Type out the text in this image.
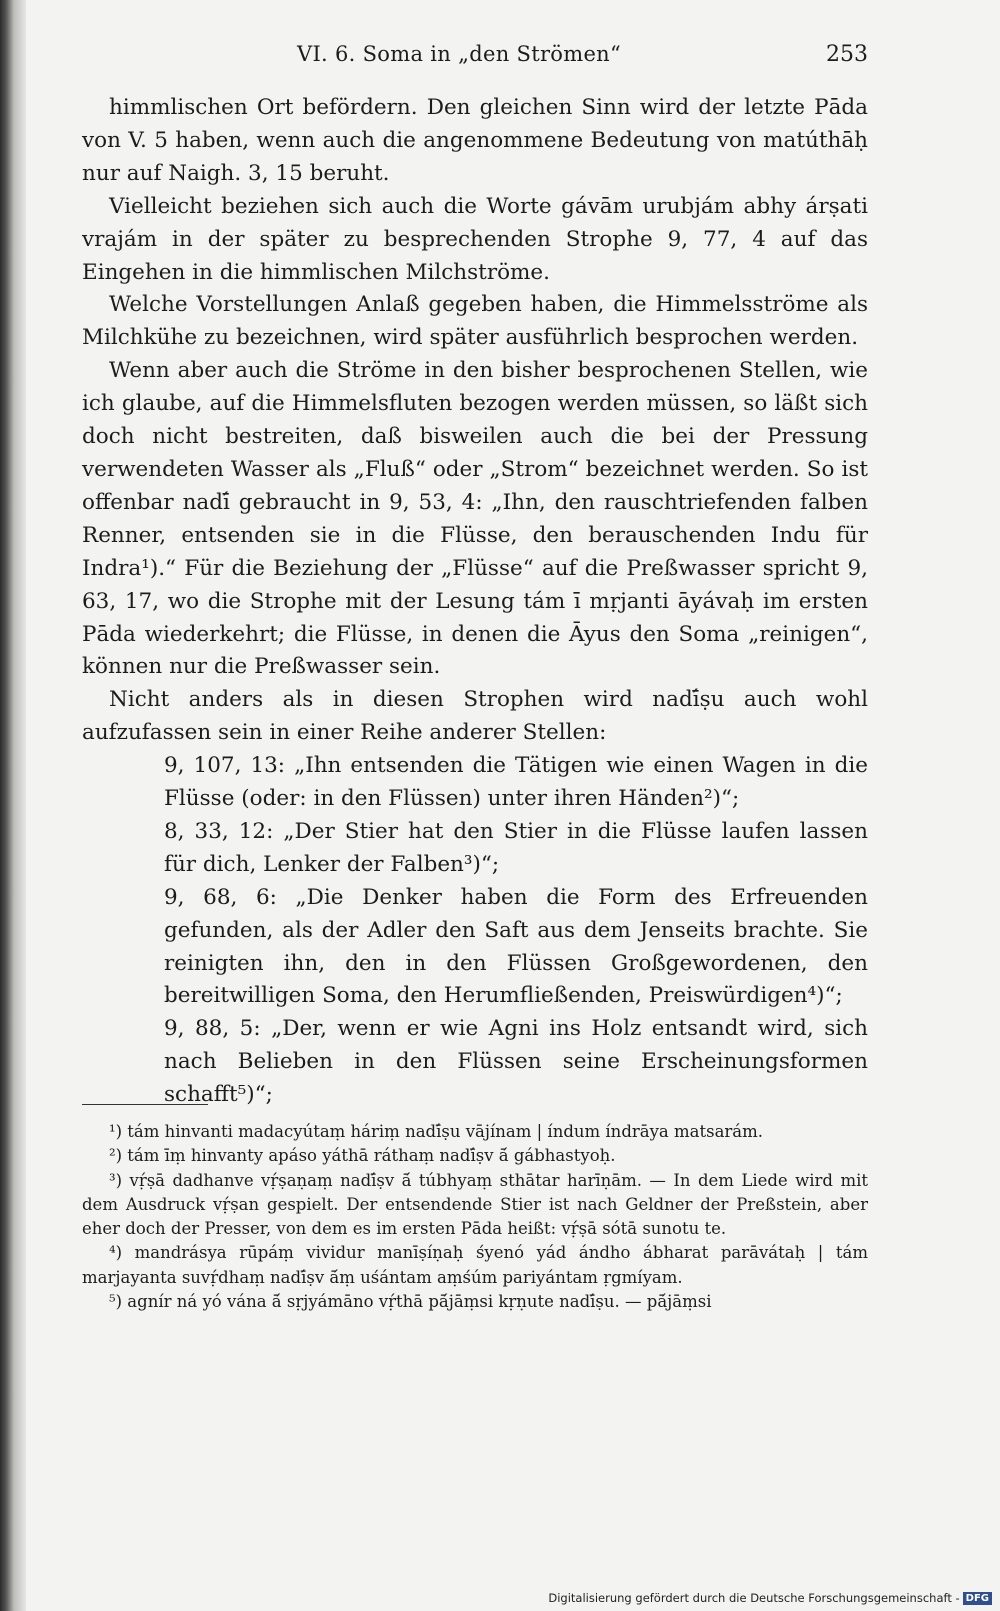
VI. 6. Soma in „den Strömen“	253

himmlischen Ort befördern. Den gleichen Sinn wird der letzte Pāda von V. 5 haben, wenn auch die angenommene Bedeutung von matúthāḥ nur auf Naigh. 3, 15 beruht.

Vielleicht beziehen sich auch die Worte gávām urubjám abhy árṣati vrajám in der später zu besprechenden Strophe 9, 77, 4 auf das Eingehen in die himmlischen Milchströme.

Welche Vorstellungen Anlaß gegeben haben, die Himmelsströme als Milchkühe zu bezeichnen, wird später ausführlich besprochen werden.

Wenn aber auch die Ströme in den bisher besprochenen Stellen, wie ich glaube, auf die Himmelsfluten bezogen werden müssen, so läßt sich doch nicht bestreiten, daß bisweilen auch die bei der Pressung verwendeten Wasser als „Fluß“ oder „Strom“ bezeichnet werden. So ist offenbar nadī́ gebraucht in 9, 53, 4: „Ihn, den rauschtriefenden falben Renner, entsenden sie in die Flüsse, den berauschenden Indu für Indra¹).“ Für die Beziehung der „Flüsse“ auf die Preßwasser spricht 9, 63, 17, wo die Strophe mit der Lesung tám ī mṛjanti āyávaḥ im ersten Pāda wiederkehrt; die Flüsse, in denen die Āyus den Soma „reinigen“, können nur die Preßwasser sein.

Nicht anders als in diesen Strophen wird nadī́ṣu auch wohl aufzufassen sein in einer Reihe anderer Stellen:

9, 107, 13: „Ihn entsenden die Tätigen wie einen Wagen in die Flüsse (oder: in den Flüssen) unter ihren Händen²)“;

8, 33, 12: „Der Stier hat den Stier in die Flüsse laufen lassen für dich, Lenker der Falben³)“;

9, 68, 6: „Die Denker haben die Form des Erfreuenden gefunden, als der Adler den Saft aus dem Jenseits brachte. Sie reinigten ihn, den in den Flüssen Großgewordenen, den bereitwilligen Soma, den Herumfließenden, Preiswürdigen⁴)“;

9, 88, 5: „Der, wenn er wie Agni ins Holz entsandt wird, sich nach Belieben in den Flüssen seine Erscheinungsformen schafft⁵)“;

¹) tám hinvanti madacyútaṃ háriṃ nadī́ṣu vājínam | índum índrāya matsarám.

²) tám īṃ hinvanty apáso yáthā ráthaṃ nadī́ṣv ā́ gábhastyoḥ.

³) vṛ́ṣā dadhanve vṛ́ṣaṇaṃ nadī́ṣv ā́ túbhyaṃ sthātar harīṇām. — In dem Liede wird mit dem Ausdruck vṛ́ṣan gespielt. Der entsendende Stier ist nach Geldner der Preßstein, aber eher doch der Presser, von dem es im ersten Pāda heißt: vṛ́ṣā sótā sunotu te.

⁴) mandrásya rūpáṃ vividur manīṣíṇaḥ śyenó yád ándho ábharat parāvátaḥ | tám marjayanta suvṛ́dhaṃ nadī́ṣv ā́ṃ uśántam aṃśúm pariyántam ṛgmíyam.

⁵) agnír ná yó vána ā́ sṛjyámāno vṛ́thā pā́jāṃsi kṛṇute nadī́ṣu. — pā́jāṃsi

Digitalisierung gefördert durch die Deutsche Forschungsgemeinschaft - DFG
